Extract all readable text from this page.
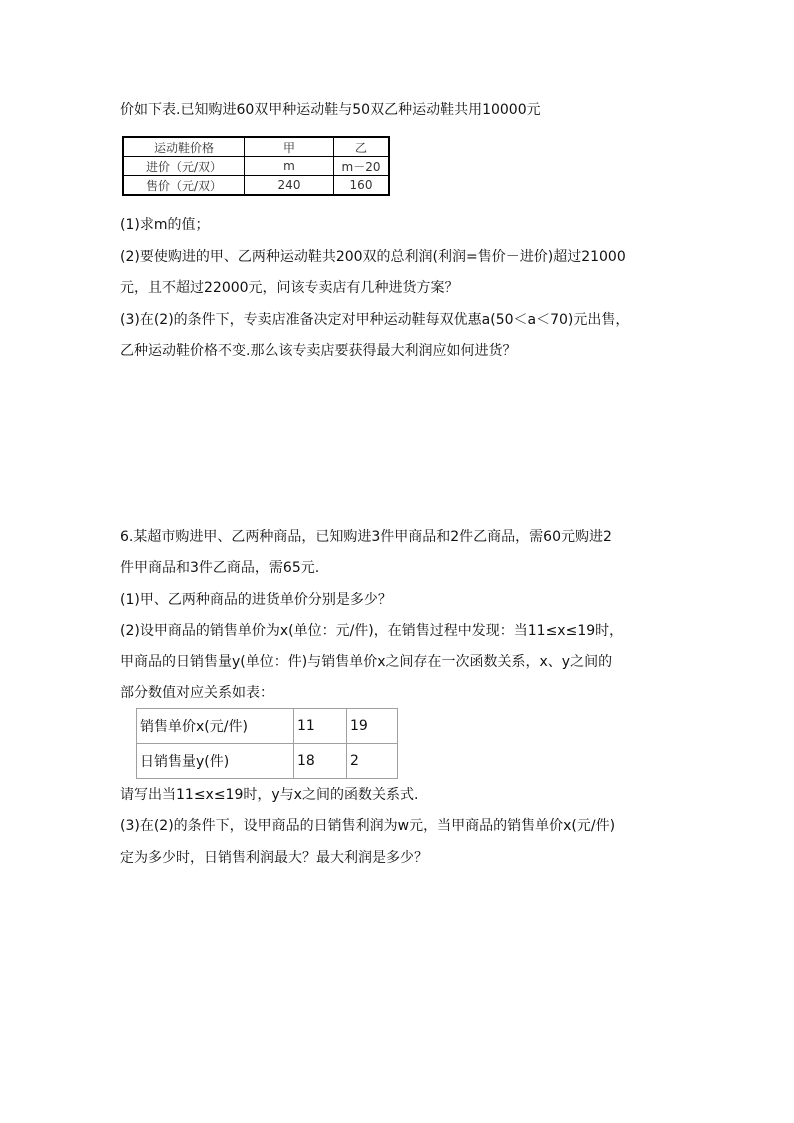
价如下表.已知购进60双甲种运动鞋与50双乙种运动鞋共用10000元
运动鞋价格	甲	乙
进价（元/双）	m	m－20
售价（元/双）	240	160
(1)求m的值；
(2)要使购进的甲、乙两种运动鞋共200双的总利润(利润=售价－进价)超过21000
元，且不超过22000元，问该专卖店有几种进货方案？
(3)在(2)的条件下，专卖店准备决定对甲种运动鞋每双优惠a(50＜a＜70)元出售，
乙种运动鞋价格不变.那么该专卖店要获得最大利润应如何进货？
6.某超市购进甲、乙两种商品，已知购进3件甲商品和2件乙商品，需60元购进2
件甲商品和3件乙商品，需65元.
(1)甲、乙两种商品的进货单价分别是多少？
(2)设甲商品的销售单价为x(单位：元/件)，在销售过程中发现：当11≤x≤19时，
甲商品的日销售量y(单位：件)与销售单价x之间存在一次函数关系，x、y之间的
部分数值对应关系如表：
销售单价x(元/件)	11	19
日销售量y(件)	18	2
请写出当11≤x≤19时，y与x之间的函数关系式.
(3)在(2)的条件下，设甲商品的日销售利润为w元，当甲商品的销售单价x(元/件)
定为多少时，日销售利润最大？最大利润是多少？
